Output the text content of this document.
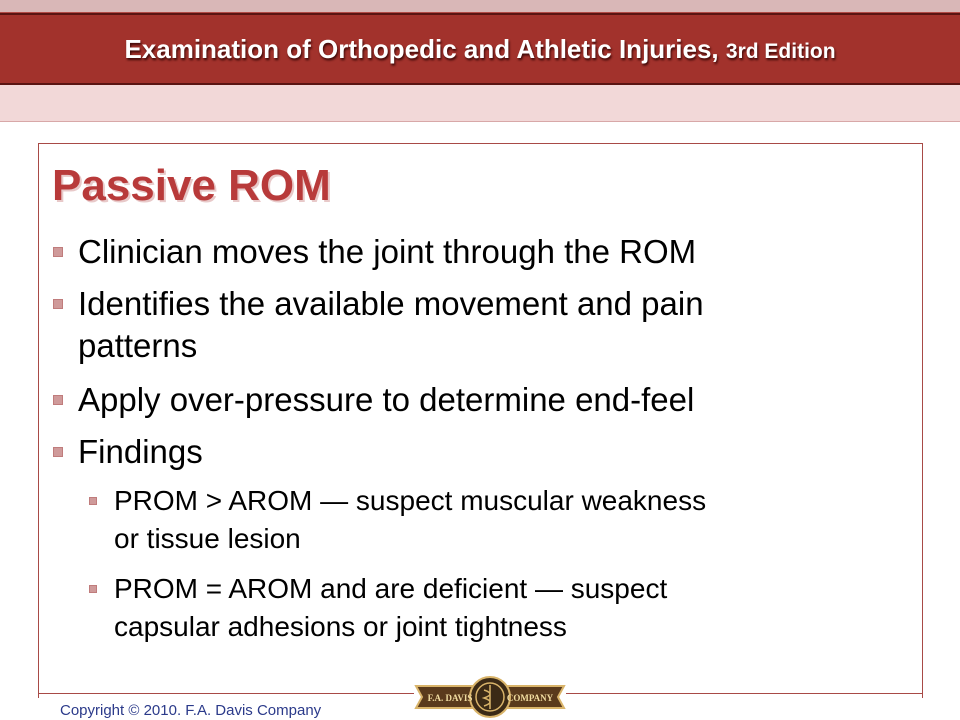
Examination of Orthopedic and Athletic Injuries, 3rd Edition
Passive ROM
Clinician moves the joint through the ROM
Identifies the available movement and pain
patterns
Apply over-pressure to determine end-feel
Findings
PROM > AROM — suspect muscular weakness
or tissue lesion
PROM = AROM and are deficient — suspect
capsular adhesions or joint tightness
Copyright © 2010. F.A. Davis Company
F.A. DAVIS	COMPANY
